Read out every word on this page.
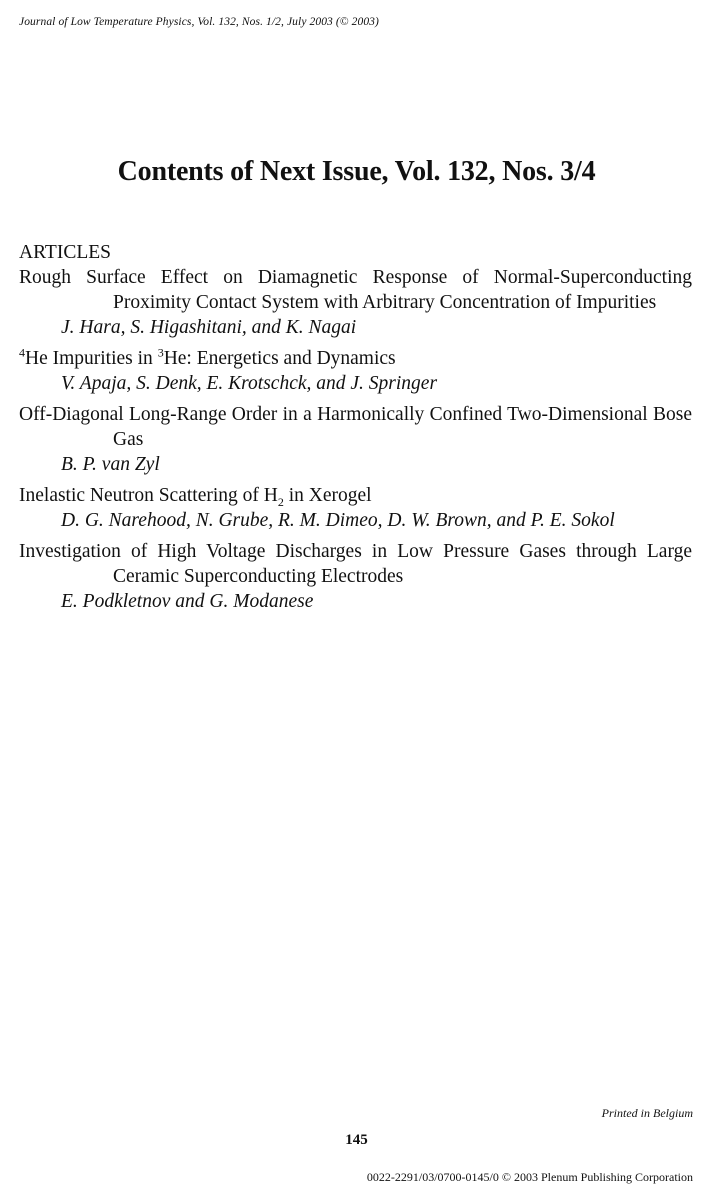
Journal of Low Temperature Physics, Vol. 132, Nos. 1/2, July 2003 (© 2003)
Contents of Next Issue, Vol. 132, Nos. 3/4
ARTICLES
Rough Surface Effect on Diamagnetic Response of Normal-Superconducting Proximity Contact System with Arbitrary Concentration of Impurities
J. Hara, S. Higashitani, and K. Nagai
$^4$He Impurities in $^3$He: Energetics and Dynamics
V. Apaja, S. Denk, E. Krotschck, and J. Springer
Off-Diagonal Long-Range Order in a Harmonically Confined Two-Dimensional Bose Gas
B. P. van Zyl
Inelastic Neutron Scattering of $H_2$ in Xerogel
D. G. Narehood, N. Grube, R. M. Dimeo, D. W. Brown, and P. E. Sokol
Investigation of High Voltage Discharges in Low Pressure Gases through Large Ceramic Superconducting Electrodes
E. Podkletnov and G. Modanese
Printed in Belgium
145
0022-2291/03/0700-0145/0 © 2003 Plenum Publishing Corporation
